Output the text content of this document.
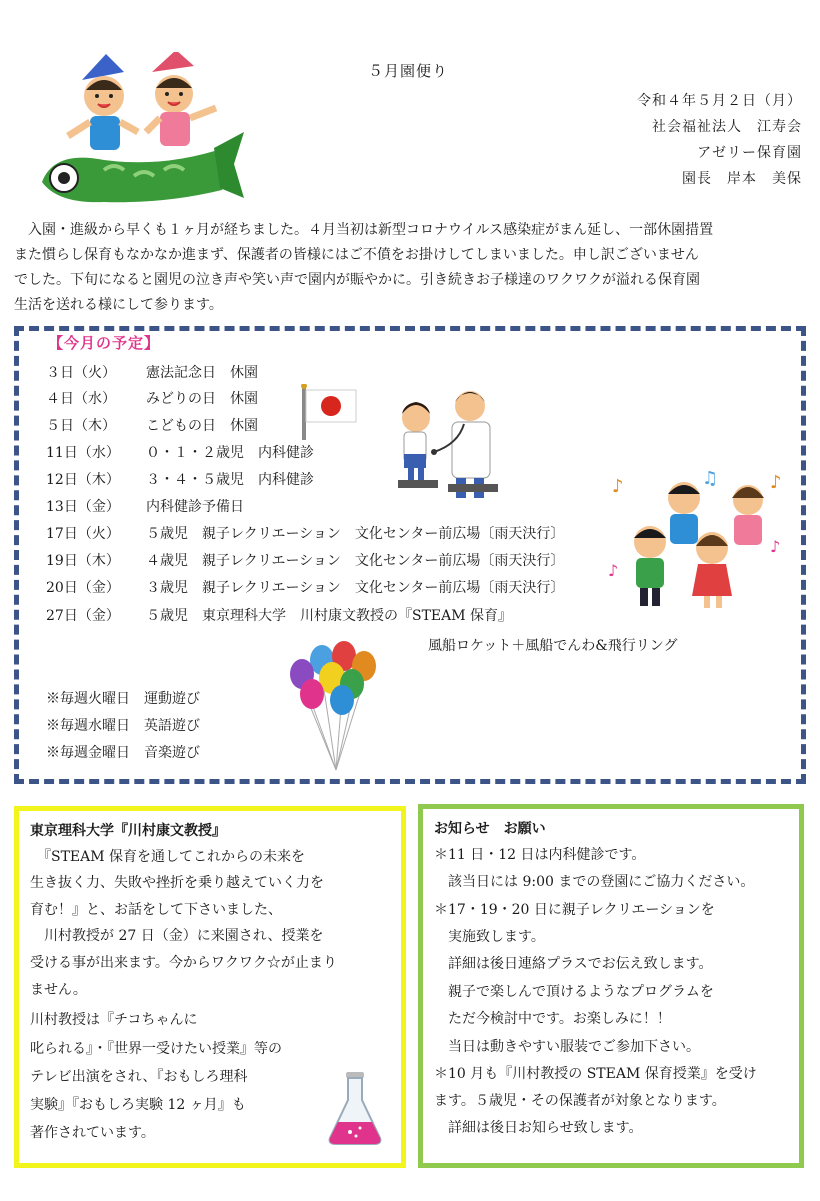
５月園便り
令和４年５月２日（月）
社会福祉法人　江寿会
アゼリー保育園
園長　岸本　美保

　入園・進級から早くも１ヶ月が経ちました。４月当初は新型コロナウイルス感染症がまん延し、一部休園措置

また慣らし保育もなかなか進まず、保護者の皆様にはご不僨をお掛けしてしまいました。申し訳ございません

でした。下旬になると園児の泣き声や笑い声で園内が賑やかに。引き続きお子様達のワクワクが溢れる保育園

生活を送れる様にして参ります。

【今月の予定】
３日（火） 憲法記念日　休園
４日（水） みどりの日　休園
５日（木） こどもの日　休園
11日（水） ０・１・２歳児　内科健診
12日（木） ３・４・５歳児　内科健診
13日（金） 内科健診予備日
17日（火） ５歳児　親子レクリエーション　文化センター前広場〔雨天決行〕
19日（木） ４歳児　親子レクリエーション　文化センター前広場〔雨天決行〕
20日（金） ３歳児　親子レクリエーション　文化センター前広場〔雨天決行〕
27日（金） ５歳児　東京理科大学　川村康文教授の『STEAM 保育』
風船ロケット＋風船でんわ&飛行リング
※毎週火曜日　運動遊び
※毎週水曜日　英語遊び
※毎週金曜日　音楽遊び
♪	♫	♪
♪
♪
東京理科大学『川村康文教授』
　『STEAM 保育を通してこれからの未来を
生き抜く力、失敗や挫折を乗り越えていく力を
育む！』と、お話をして下さいました、
　川村教授が 27 日（金）に来園され、授業を
受ける事が出来ます。今からワクワク☆が止まり
ません。
川村教授は『チコちゃんに
叱られる』・『世界一受けたい授業』等の
テレビ出演をされ、『おもしろ理科
実験』『おもしろ実験 12 ヶ月』も
著作されています。
お知らせ　お願い
＊11 日・12 日は内科健診です。
　該当日には 9:00 までの登園にご協力ください。
＊17・19・20 日に親子レクリエーションを
　実施致します。
　詳細は後日連絡プラスでお伝え致します。
　親子で楽しんで頂けるようなプログラムを
　ただ今検討中です。お楽しみに！！
　当日は動きやすい服装でご参加下さい。
＊10 月も『川村教授の STEAM 保育授業』を受け
ます。５歳児・その保護者が対象となります。
　詳細は後日お知らせ致します。
